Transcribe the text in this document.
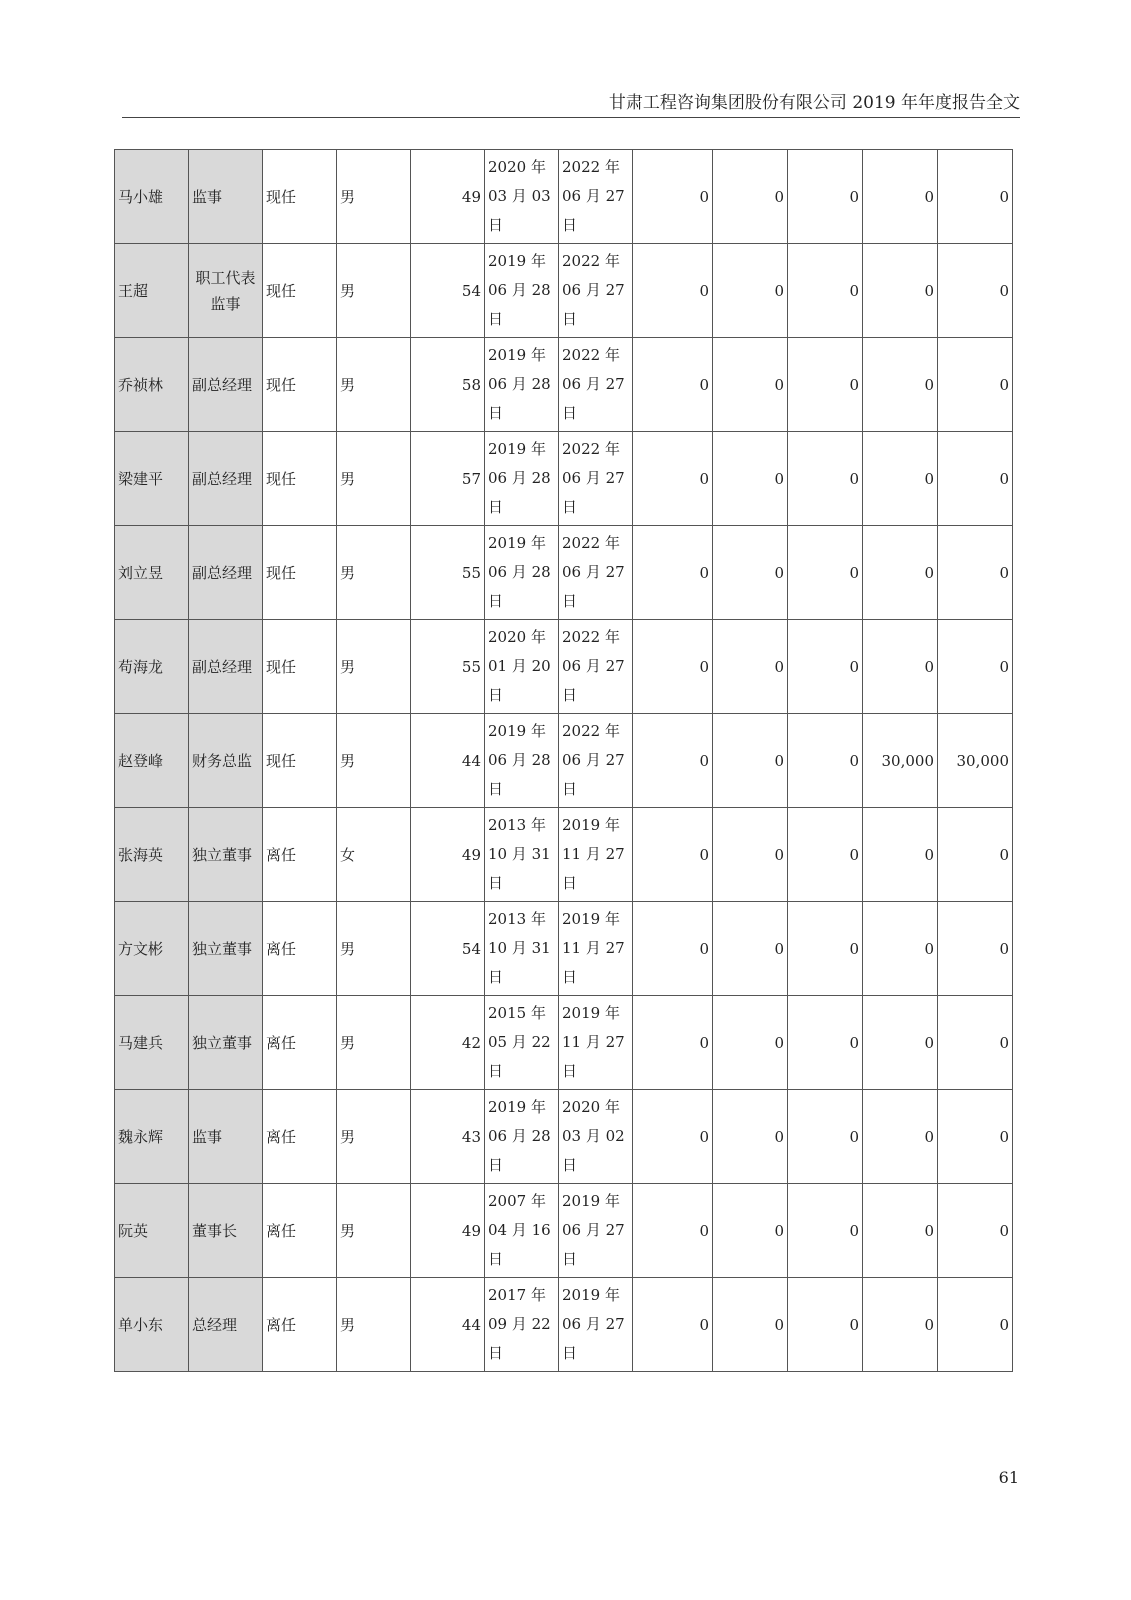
甘肃工程咨询集团股份有限公司 2019 年年度报告全文
马小雄	监事	现任	男	49	2020 年
03 月 03
日	2022 年
06 月 27
日	0	0	0	0	0
王超	职工代表监事	现任	男	54	2019 年
06 月 28
日	2022 年
06 月 27
日	0	0	0	0	0
乔祯林	副总经理	现任	男	58	2019 年
06 月 28
日	2022 年
06 月 27
日	0	0	0	0	0
梁建平	副总经理	现任	男	57	2019 年
06 月 28
日	2022 年
06 月 27
日	0	0	0	0	0
刘立昱	副总经理	现任	男	55	2019 年
06 月 28
日	2022 年
06 月 27
日	0	0	0	0	0
苟海龙	副总经理	现任	男	55	2020 年
01 月 20
日	2022 年
06 月 27
日	0	0	0	0	0
赵登峰	财务总监	现任	男	44	2019 年
06 月 28
日	2022 年
06 月 27
日	0	0	0	30,000	30,000
张海英	独立董事	离任	女	49	2013 年
10 月 31
日	2019 年
11 月 27
日	0	0	0	0	0
方文彬	独立董事	离任	男	54	2013 年
10 月 31
日	2019 年
11 月 27
日	0	0	0	0	0
马建兵	独立董事	离任	男	42	2015 年
05 月 22
日	2019 年
11 月 27
日	0	0	0	0	0
魏永辉	监事	离任	男	43	2019 年
06 月 28
日	2020 年
03 月 02
日	0	0	0	0	0
阮英	董事长	离任	男	49	2007 年
04 月 16
日	2019 年
06 月 27
日	0	0	0	0	0
单小东	总经理	离任	男	44	2017 年
09 月 22
日	2019 年
06 月 27
日	0	0	0	0	0
61
